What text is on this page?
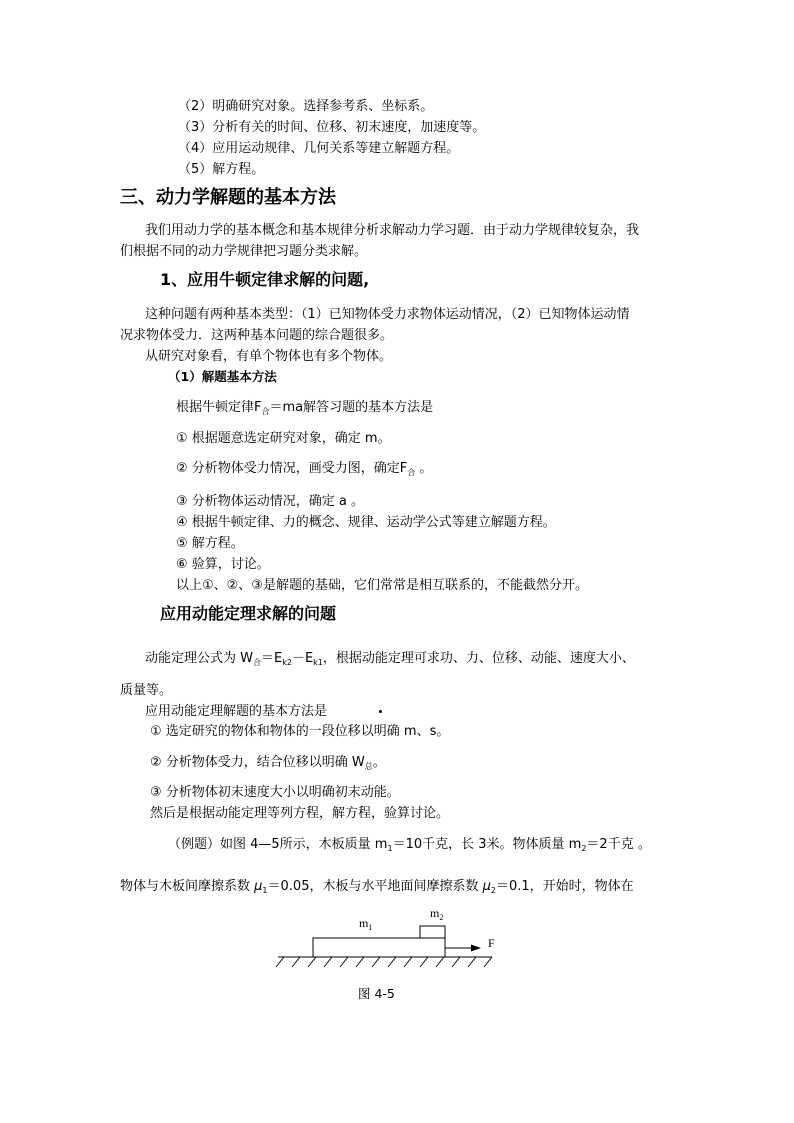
（2）明确研究对象。选择参考系、坐标系。
（3）分析有关的时间、位移、初末速度，加速度等。
（4）应用运动规律、几何关系等建立解题方程。
（5）解方程。
三、动力学解题的基本方法
我们用动力学的基本概念和基本规律分析求解动力学习题．由于动力学规律较复杂，我
们根据不同的动力学规律把习题分类求解。
1、应用牛顿定律求解的问题,
这种问题有两种基本类型：（1）已知物体受力求物体运动情况，（2）已知物体运动情
况求物体受力．这两种基本问题的综合题很多。
从研究对象看，有单个物体也有多个物体。
（1）解题基本方法
根据牛顿定律$F_合=ma$解答习题的基本方法是
① 根据题意选定研究对象，确定 m。
② 分析物体受力情况，画受力图，确定$F_合$ 。
③ 分析物体运动情况，确定 a 。
④ 根据牛顿定律、力的概念、规律、运动学公式等建立解题方程。
⑤ 解方程。
⑥ 验算，讨论。
以上①、②、③是解题的基础，它们常常是相互联系的，不能截然分开。
应用动能定理求解的问题
动能定理公式为 $W_合=E_{k2}-E_{k1}$，根据动能定理可求功、力、位移、动能、速度大小、
质量等。
应用动能定理解题的基本方法是
① 选定研究的物体和物体的一段位移以明确 m、s。
② 分析物体受力，结合位移以明确 $W_总$。
③ 分析物体初末速度大小以明确初末动能。
然后是根据动能定理等列方程，解方程，验算讨论。
（例题）如图 4—5所示，木板质量 $m_1=10$千克，长 3米。物体质量 $m_2=2$千克 。
物体与木板间摩擦系数 $\mu_1=0.05$，木板与水平地面间摩擦系数 $\mu_2=0.1$，开始时，物体在
$m_1$
$m_2$
F
图 4-5
